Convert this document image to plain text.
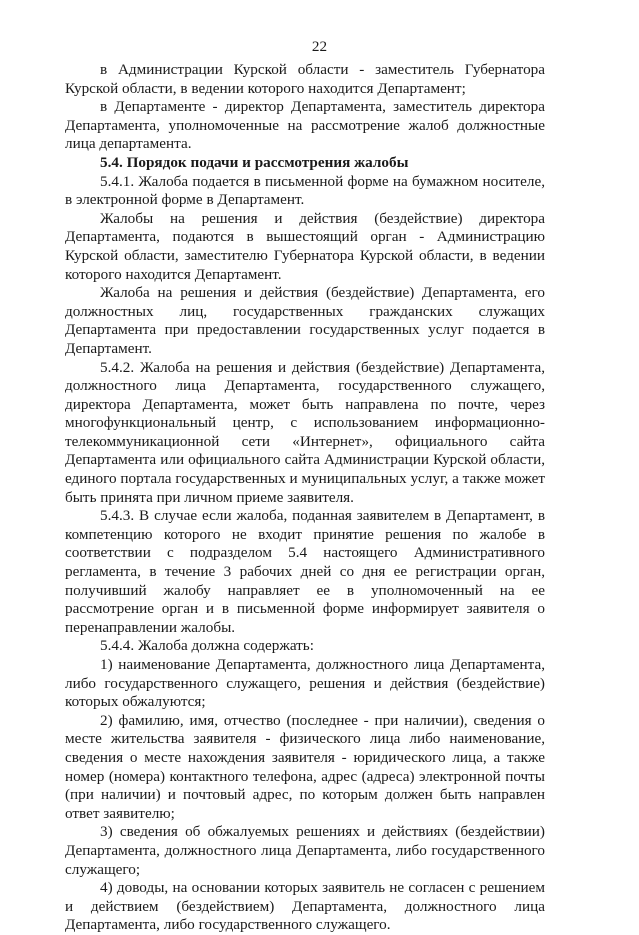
22

в Администрации Курской области - заместитель Губернатора Курской области, в ведении которого находится Департамент;

в Департаменте - директор Департамента, заместитель директора Департамента, уполномоченные на рассмотрение жалоб должностные лица департамента.

5.4. Порядок подачи и рассмотрения жалобы

5.4.1. Жалоба подается в письменной форме на бумажном носителе, в электронной форме в Департамент.

Жалобы на решения и действия (бездействие) директора Департамента, подаются в вышестоящий орган - Администрацию Курской области, заместителю Губернатора Курской области, в ведении которого находится Департамент.

Жалоба на решения и действия (бездействие) Департамента, его должностных лиц, государственных гражданских служащих Департамента при предоставлении государственных услуг подается в Департамент.

5.4.2. Жалоба на решения и действия (бездействие) Департамента, должностного лица Департамента, государственного служащего, директора Департамента, может быть направлена по почте, через многофункциональный центр, с использованием информационно-телекоммуникационной сети «Интернет», официального сайта Департамента или официального сайта Администрации Курской области, единого портала государственных и муниципальных услуг, а также может быть принята при личном приеме заявителя.

5.4.3. В случае если жалоба, поданная заявителем в Департамент, в компетенцию которого не входит принятие решения по жалобе в соответствии с подразделом 5.4 настоящего Административного регламента, в течение 3 рабочих дней со дня ее регистрации орган, получивший жалобу направляет ее в уполномоченный на ее рассмотрение орган и в письменной форме информирует заявителя о перенаправлении жалобы.

5.4.4. Жалоба должна содержать:

1) наименование Департамента, должностного лица Департамента, либо государственного служащего, решения и действия (бездействие) которых обжалуются;

2) фамилию, имя, отчество (последнее - при наличии), сведения о месте жительства заявителя - физического лица либо наименование, сведения о месте нахождения заявителя - юридического лица, а также номер (номера) контактного телефона, адрес (адреса) электронной почты (при наличии) и почтовый адрес, по которым должен быть направлен ответ заявителю;

3) сведения об обжалуемых решениях и действиях (бездействии) Департамента, должностного лица Департамента, либо государственного служащего;

4) доводы, на основании которых заявитель не согласен с решением и действием (бездействием) Департамента, должностного лица Департамента, либо государственного служащего.
